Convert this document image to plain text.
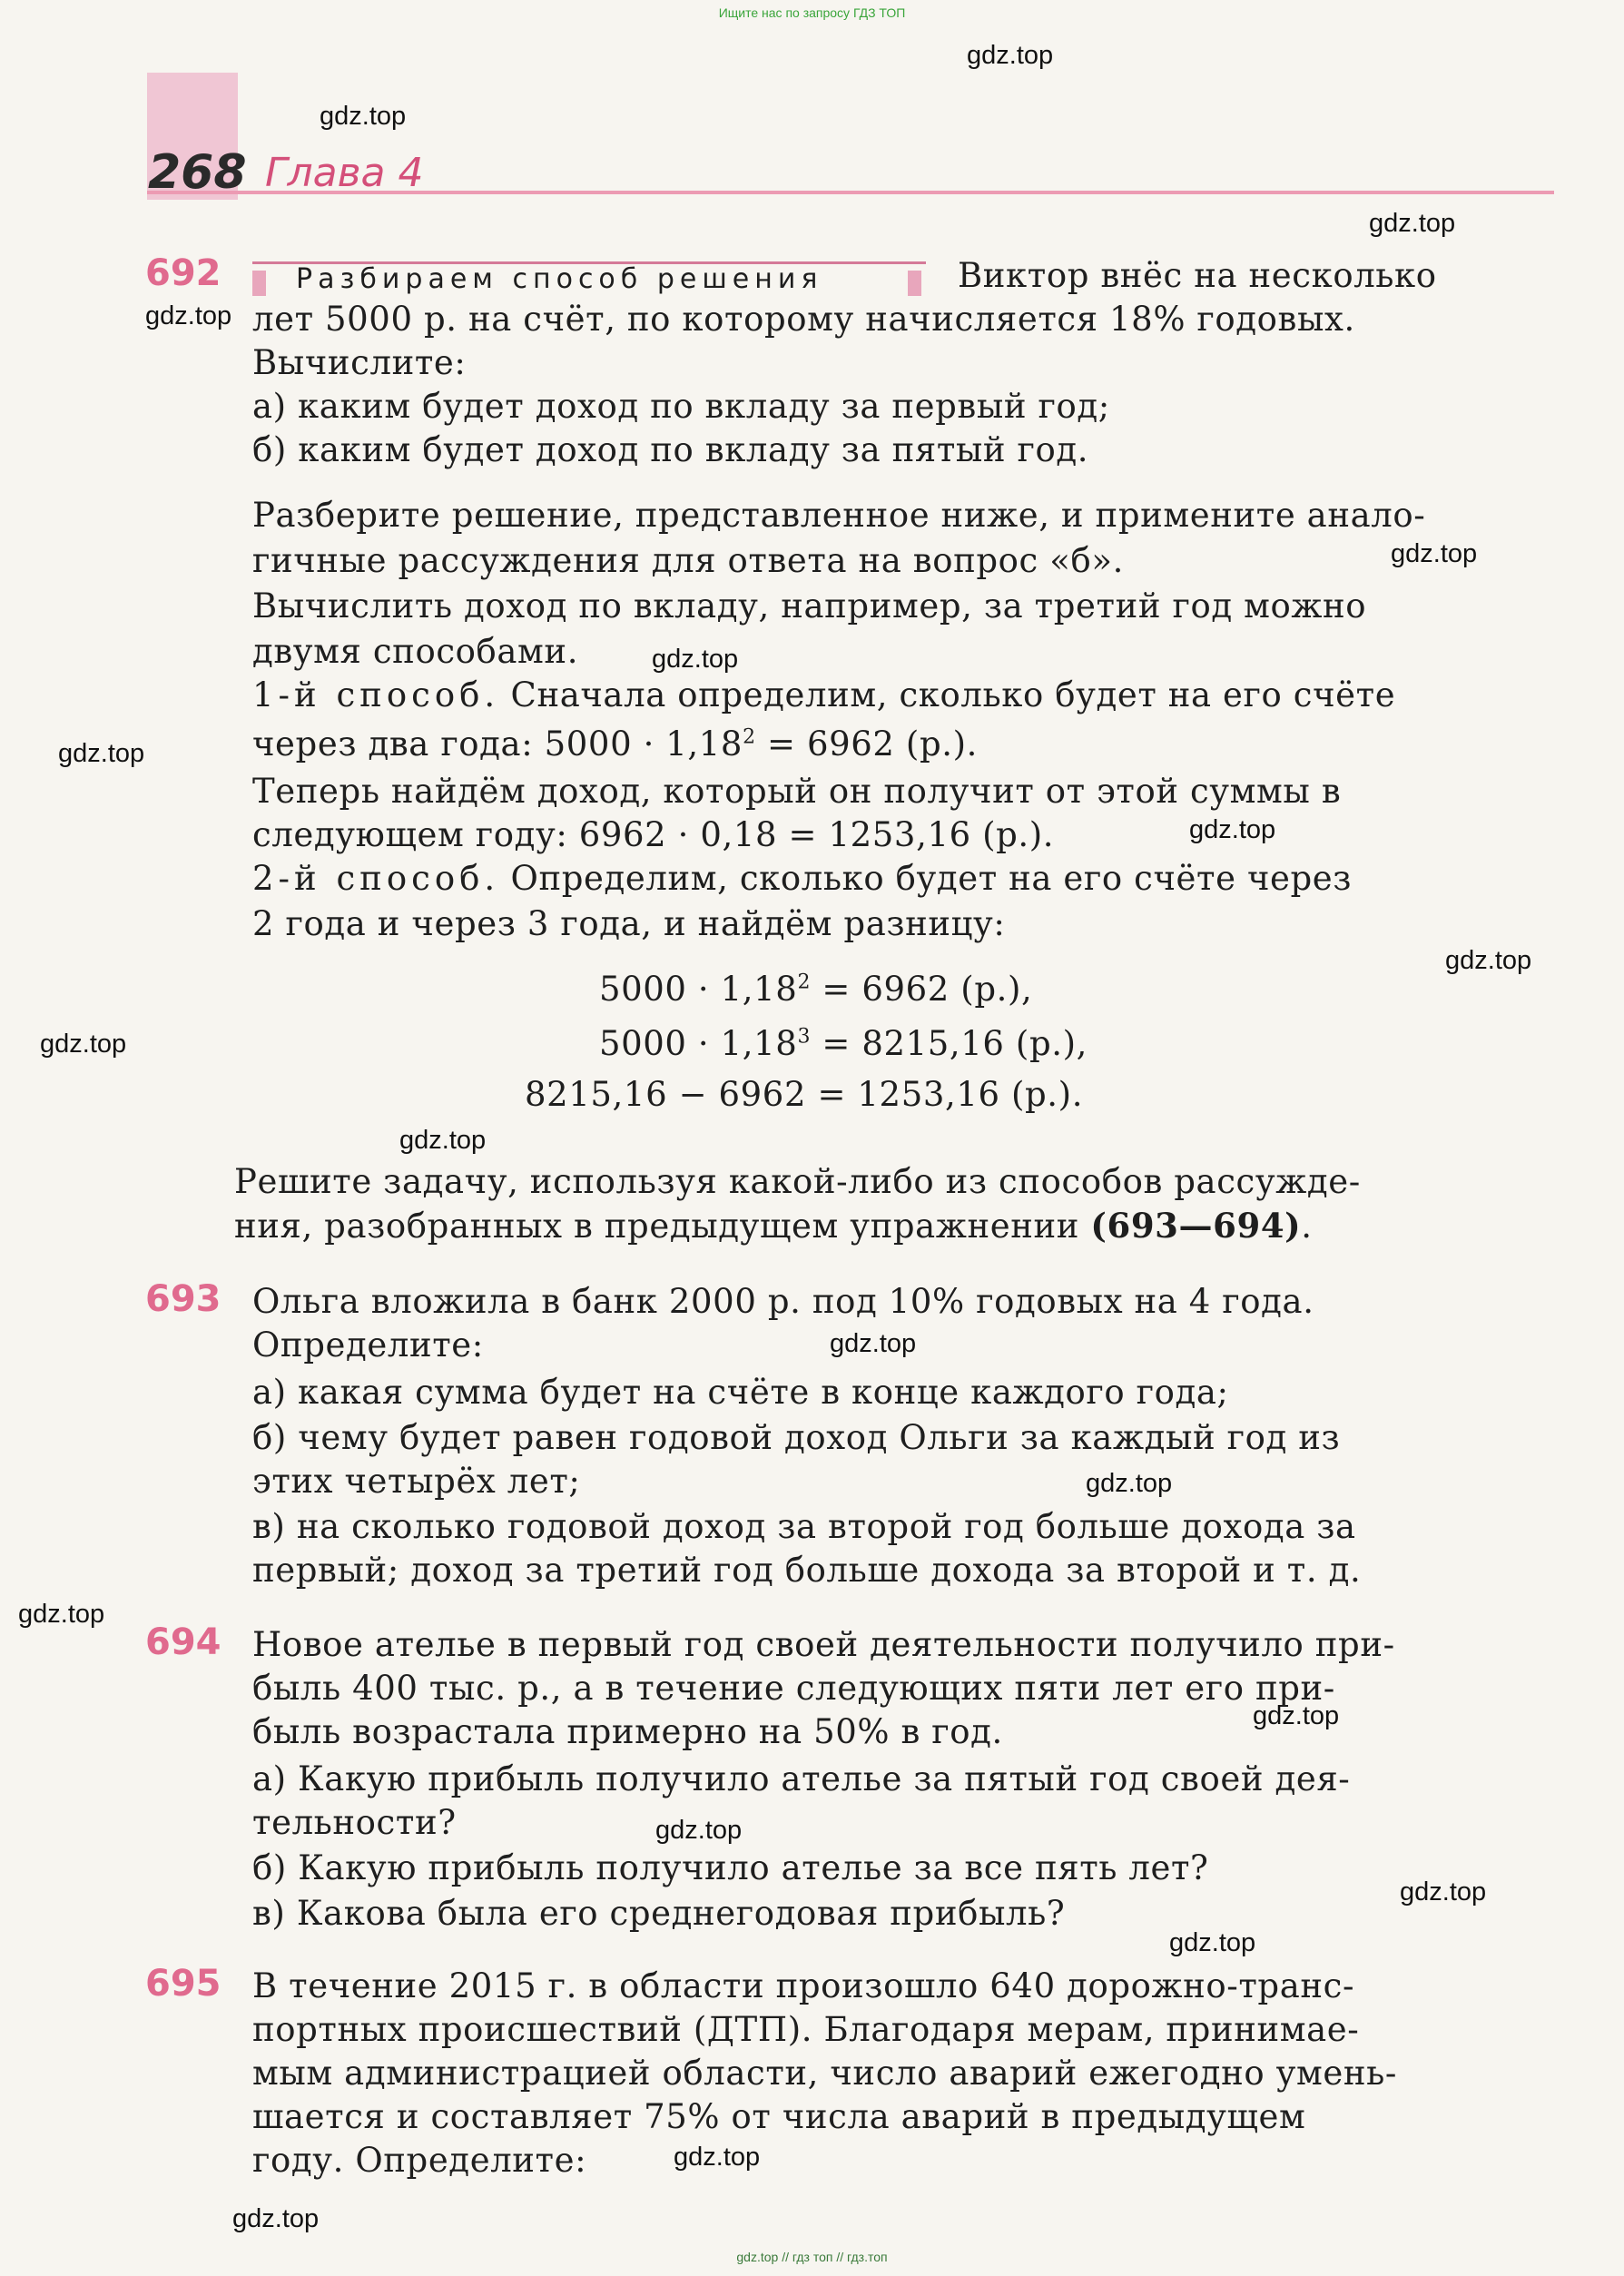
Ищите нас по запросу ГДЗ ТОП
268 Глава 4
692	Разбираем способ решения	Виктор внёс на несколько
лет 5000 р. на счёт, по которому начисляется 18% годовых.
Вычислите:
а) каким будет доход по вкладу за первый год;
б) каким будет доход по вкладу за пятый год.
Разберите решение, представленное ниже, и примените анало-
гичные рассуждения для ответа на вопрос «б».
Вычислить доход по вкладу, например, за третий год можно
двумя способами.
1-й способ. Сначала определим, сколько будет на его счёте
через два года: $5000 \cdot 1,18^2 = 6962$ (р.).
Теперь найдём доход, который он получит от этой суммы в
следующем году: 6962 · 0,18 = 1253,16 (р.).
2-й способ. Определим, сколько будет на его счёте через
2 года и через 3 года, и найдём разницу:
$5000 \cdot 1,18^2 = 6962$ (р.),
$5000 \cdot 1,18^3 = 8215,16$ (р.),
8215,16 − 6962 = 1253,16 (р.).
Решите задачу, используя какой-либо из способов рассужде-
ния, разобранных в предыдущем упражнении (693—694).
693 Ольга вложила в банк 2000 р. под 10% годовых на 4 года.
Определите:
а) какая сумма будет на счёте в конце каждого года;
б) чему будет равен годовой доход Ольги за каждый год из
этих четырёх лет;
в) на сколько годовой доход за второй год больше дохода за
первый; доход за третий год больше дохода за второй и т. д.
694 Новое ателье в первый год своей деятельности получило при-
быль 400 тыс. р., а в течение следующих пяти лет его при-
быль возрастала примерно на 50% в год.
а) Какую прибыль получило ателье за пятый год своей дея-
тельности?
б) Какую прибыль получило ателье за все пять лет?
в) Какова была его среднегодовая прибыль?
695 В течение 2015 г. в области произошло 640 дорожно-транс-
портных происшествий (ДТП). Благодаря мерам, принимае-
мым администрацией области, число аварий ежегодно умень-
шается и составляет 75% от числа аварий в предыдущем
году. Определите:
gdz.top
gdz.top
gdz.top
gdz.top
gdz.top
gdz.top
gdz.top
gdz.top
gdz.top
gdz.top
gdz.top
gdz.top
gdz.top
gdz.top
gdz.top
gdz.top
gdz.top
gdz.top
gdz.top
gdz.top
gdz.top // гдз топ // гдз.топ
